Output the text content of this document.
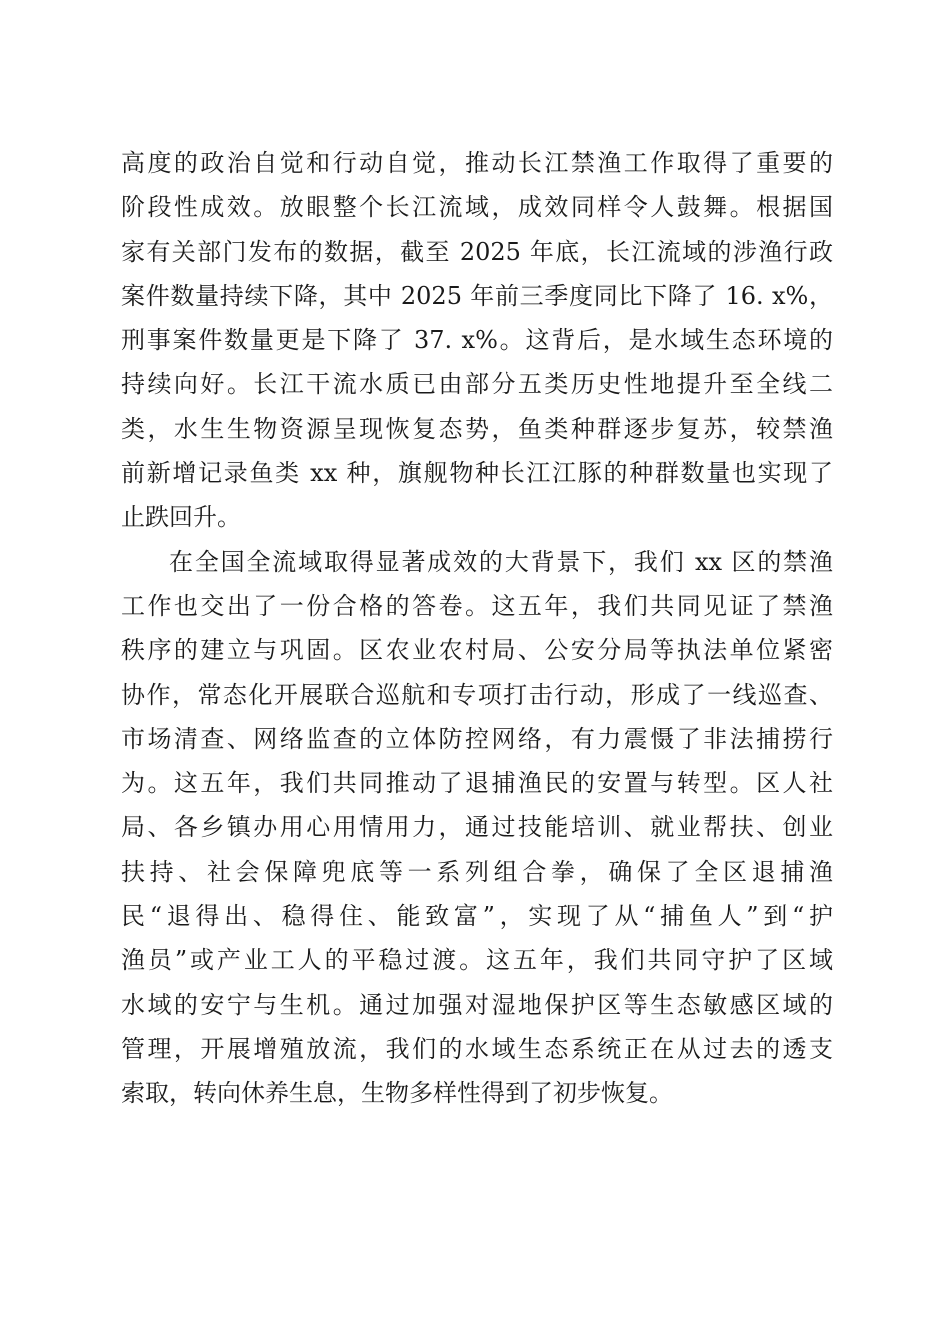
高度的政治自觉和行动自觉，推动长江禁渔工作取得了重要的
阶段性成效。放眼整个长江流域，成效同样令人鼓舞。根据国
家有关部门发布的数据，截至 2025 年底，长江流域的涉渔行政
案件数量持续下降，其中 2025 年前三季度同比下降了 16. x%，
刑事案件数量更是下降了 37. x%。这背后，是水域生态环境的
持续向好。长江干流水质已由部分五类历史性地提升至全线二
类，水生生物资源呈现恢复态势，鱼类种群逐步复苏，较禁渔
前新增记录鱼类 xx 种，旗舰物种长江江豚的种群数量也实现了
止跌回升。
在全国全流域取得显著成效的大背景下，我们 xx 区的禁渔
工作也交出了一份合格的答卷。这五年，我们共同见证了禁渔
秩序的建立与巩固。区农业农村局、公安分局等执法单位紧密
协作，常态化开展联合巡航和专项打击行动，形成了一线巡查、
市场清查、网络监查的立体防控网络，有力震慑了非法捕捞行
为。这五年，我们共同推动了退捕渔民的安置与转型。区人社
局、各乡镇办用心用情用力，通过技能培训、就业帮扶、创业
扶持、社会保障兜底等一系列组合拳，确保了全区退捕渔
民“退得出、稳得住、能致富”，实现了从“捕鱼人”到“护
渔员”或产业工人的平稳过渡。这五年，我们共同守护了区域
水域的安宁与生机。通过加强对湿地保护区等生态敏感区域的
管理，开展增殖放流，我们的水域生态系统正在从过去的透支
索取，转向休养生息，生物多样性得到了初步恢复。
